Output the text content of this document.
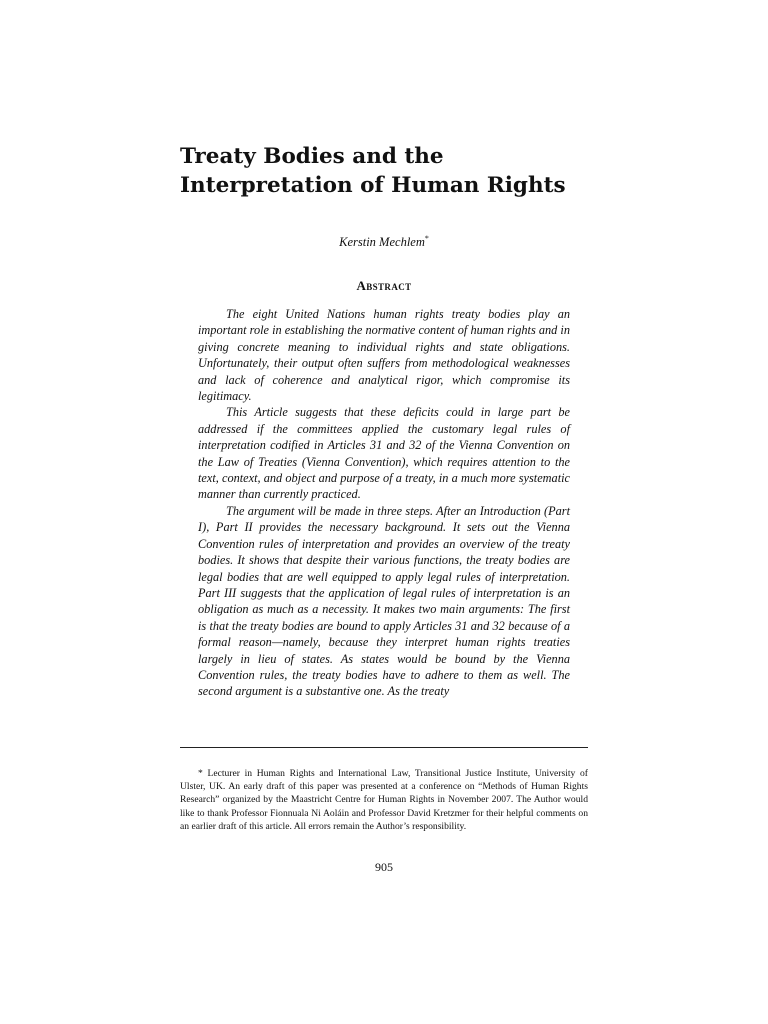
Treaty Bodies and the
Interpretation of Human Rights
Kerstin Mechlem*
Abstract

The eight United Nations human rights treaty bodies play an important role in establishing the normative content of human rights and in giving concrete meaning to individual rights and state obligations. Unfortunately, their output often suffers from methodological weaknesses and lack of coherence and analytical rigor, which compromise its legitimacy.

This Article suggests that these deficits could in large part be addressed if the committees applied the customary legal rules of interpretation codified in Articles 31 and 32 of the Vienna Convention on the Law of Treaties (Vienna Convention), which requires attention to the text, context, and object and purpose of a treaty, in a much more systematic manner than currently practiced.

The argument will be made in three steps. After an Introduction (Part I), Part II provides the necessary background. It sets out the Vienna Convention rules of interpretation and provides an overview of the treaty bodies. It shows that despite their various functions, the treaty bodies are legal bodies that are well equipped to apply legal rules of interpretation. Part III suggests that the application of legal rules of interpretation is an obligation as much as a necessity. It makes two main arguments: The first is that the treaty bodies are bound to apply Articles 31 and 32 because of a formal reason—namely, because they interpret human rights treaties largely in lieu of states. As states would be bound by the Vienna Convention rules, the treaty bodies have to adhere to them as well. The second argument is a substantive one. As the treaty

* Lecturer in Human Rights and International Law, Transitional Justice Institute, University of Ulster, UK. An early draft of this paper was presented at a conference on “Methods of Human Rights Research” organized by the Maastricht Centre for Human Rights in November 2007. The Author would like to thank Professor Fionnuala Ni Aoláin and Professor David Kretzmer for their helpful comments on an earlier draft of this article. All errors remain the Author’s responsibility.

905
